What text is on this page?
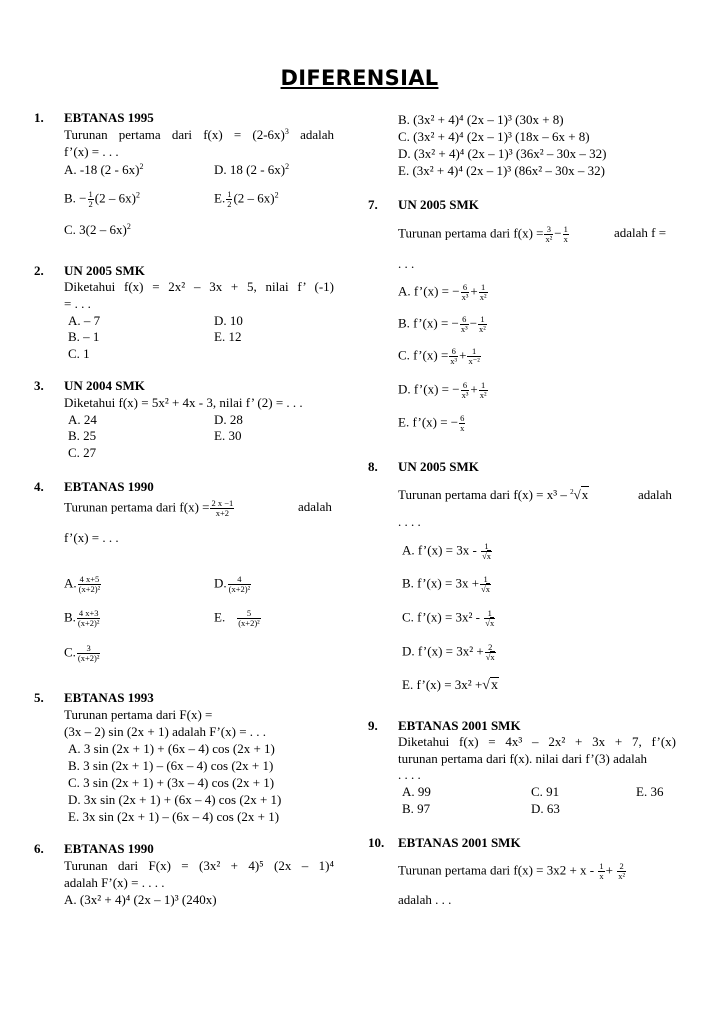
DIFERENSIAL
1. EBTANAS 1995
Turunan pertama dari $f(x) = (2-6x)^3$ adalah
f’(x) = . . .
A. -18 (2 - 6x)$^2$	D. 18 (2 - 6x)$^2$
B. − $\frac{1}{2} (2 - 6x)^2$	E. $\frac{1}{2} (2 - 6x)^2$
C. 3(2 – 6x)$^2$
2. UN 2005 SMK
Diketahui f(x) = 2x² – 3x + 5, nilai f’ (-1)
= . . .
A. – 7	D. 10
B. – 1	E. 12
C. 1
3. UN 2004 SMK
Diketahui f(x) = 5x² + 4x - 3, nilai f’ (2) = . . .
A. 24	D. 28
B. 25	E. 30
C. 27
4. EBTANAS 1990
Turunan pertama dari $f(x) = \frac{2 x -1}{x+2}$	adalah
f’(x) = . . .
A. $\frac{4 x+5}{\text{(x+2)²}}$	D. $\frac{4}{\text{(x+2)²}}$
B. $\frac{4 x+3}{\text{(x+2)²}}$	E. $\frac{5}{\text{(x+2)²}}$
C. $\frac{3}{\text{(x+2)²}}$
5. EBTANAS 1993
Turunan pertama dari F(x) =
(3x – 2) sin (2x + 1) adalah F’(x) = . . .
A. 3 sin (2x + 1) + (6x – 4) cos (2x + 1)
B. 3 sin (2x + 1) – (6x – 4) cos (2x + 1)
C. 3 sin (2x + 1) + (3x – 4) cos (2x + 1)
D. 3x sin (2x + 1) + (6x – 4) cos (2x + 1)
E. 3x sin (2x + 1) – (6x – 4) cos (2x + 1)
6. EBTANAS 1990
Turunan dari F(x) = (3x² + 4)⁵ (2x – 1)⁴
adalah F’(x) = . . . .
A. (3x² + 4)⁴ (2x – 1)³ (240x)
B. (3x² + 4)⁴ (2x – 1)³ (30x + 8)
C. (3x² + 4)⁴ (2x – 1)³ (18x – 6x + 8)
D. (3x² + 4)⁴ (2x – 1)³ (36x² – 30x – 32)
E. (3x² + 4)⁴ (2x – 1)³ (86x² – 30x – 32)
7. UN 2005 SMK
Turunan pertama dari $f(x) = \frac{3}{\text{x²}} - \frac{1}{x}$	adalah f =
. . .
A. f’(x) = − $\frac{6}{\text{x³}} + \frac{1}{\text{x²}}$
B. f’(x) = − $\frac{6}{\text{x³}} - \frac{1}{\text{x²}}$
C. f’(x) = $\frac{6}{\text{x³}} + \frac{1}{\text{x⁻²}}$
D. f’(x) = − $\frac{6}{\text{x³}} + \frac{1}{\text{x²}}$
E. f’(x) = − $\frac{6}{x}$
8. UN 2005 SMK
Turunan pertama dari f(x) = x³ – $^2$√x	adalah
. . . .
A. f’(x) = $3x - \frac{1}{√x}$
B. f’(x) = $3x + \frac{1}{√x}$
C. f’(x) = $3x^2 - \frac{1}{√x}$
D. f’(x) = $3x^2 + \frac{2}{√x}$
E. f’(x) = 3x² +√x
9. EBTANAS 2001 SMK
Diketahui f(x) = 4x³ – 2x² + 3x + 7, f’(x)
turunan pertama dari f(x). nilai dari f’(3) adalah
. . . .
A. 99	C. 91	E. 36
B. 97	D. 63
10. EBTANAS 2001 SMK
Turunan pertama dari $f(x) = 3x2 + x - \frac{1}{x} + \frac{2}{\text{x²}}$
adalah . . .
